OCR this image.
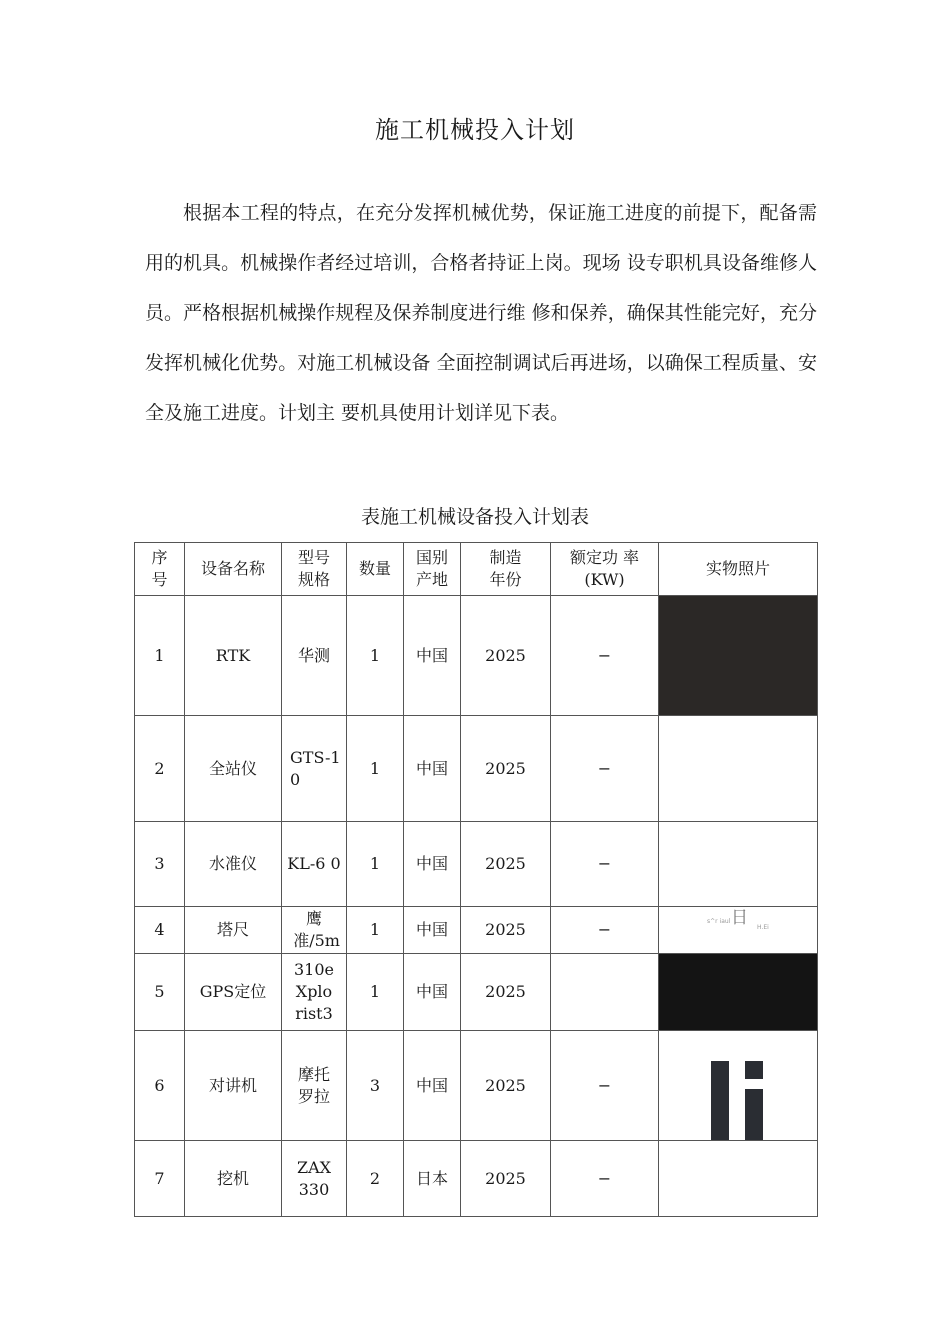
施工机械投入计划

根据本工程的特点，在充分发挥机械优势，保证施工进度的前提下，配备需用的机具。机械操作者经过培训，合格者持证上岗。现场 设专职机具设备维修人员。严格根据机械操作规程及保养制度进行维 修和保养，确保其性能完好，充分发挥机械化优势。对施工机械设备 全面控制调试后再进场，以确保工程质量、安全及施工进度。计划主 要机具使用计划详见下表。

表施工机械设备投入计划表
序号	设备名称	型号规格	数量	国别产地	制造年份	额定功 率(KW)	实物照片
1	RTK	华测	1	中国	2025	−	

2	全站仪	GTS-10	1	中国	2025	−	
3	水准仪	KL-6 0	1	中国	2025	−	
4	塔尺	鹰准/5m	1	中国	2025	−	s^r iaul 日 H.Ei

5	GPS定位	310eXplorist3	1	中国	2025		

6	对讲机	摩托罗拉	3	中国	2025	−	

7	挖机	ZAX330	2	日本	2025	−	
